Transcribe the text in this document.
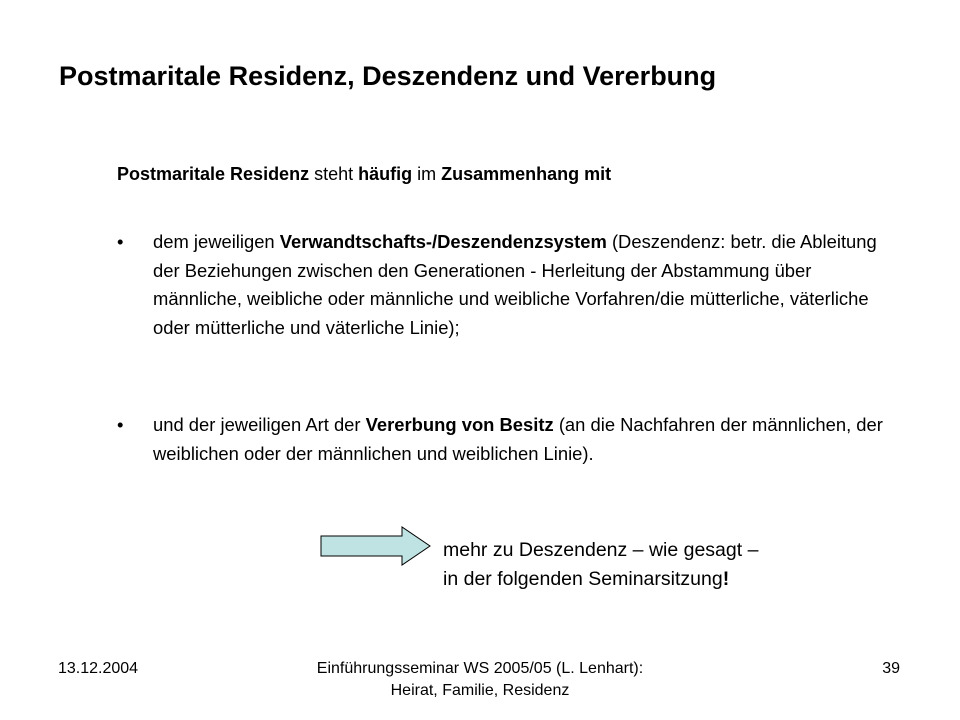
Postmaritale Residenz, Deszendenz und Vererbung
Postmaritale Residenz steht häufig im Zusammenhang mit
• dem jeweiligen Verwandtschafts-/Deszendenzsystem (Deszendenz: betr. die Ableitung der Beziehungen zwischen den Generationen - Herleitung der Abstammung über männliche, weibliche oder männliche und weibliche Vorfahren/die mütterliche, väterliche oder mütterliche und väterliche Linie);
• und der jeweiligen Art der Vererbung von Besitz (an die Nachfahren der männlichen, der weiblichen oder der männlichen und weiblichen Linie).
mehr zu Deszendenz – wie gesagt –
in der folgenden Seminarsitzung!
13.12.2004	Einführungsseminar WS 2005/05 (L. Lenhart):
Heirat, Familie, Residenz
39
